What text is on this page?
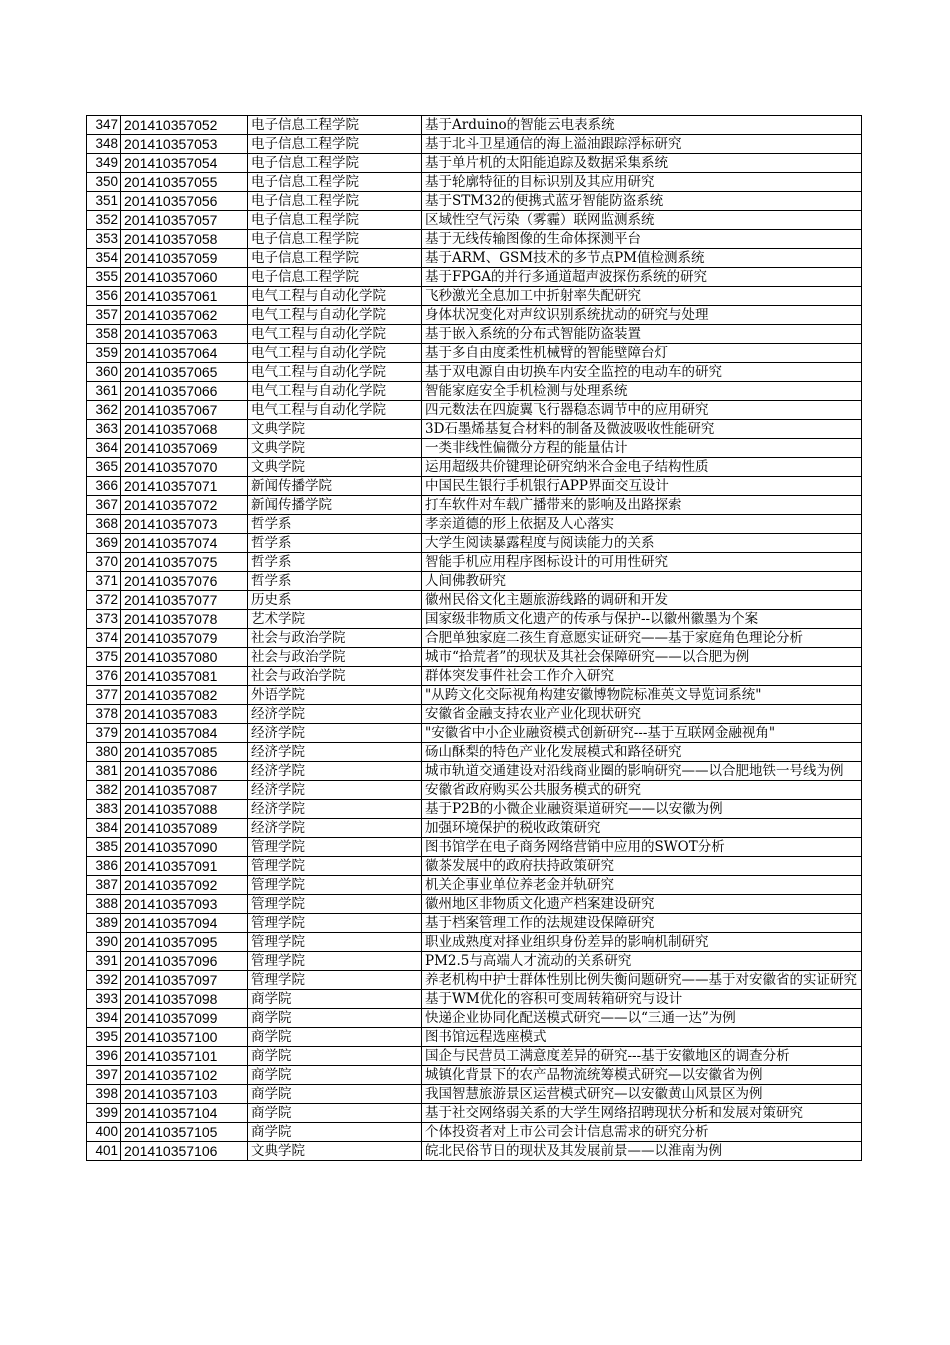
347	201410357052	电子信息工程学院	基于Arduino的智能云电表系统
348	201410357053	电子信息工程学院	基于北斗卫星通信的海上溢油跟踪浮标研究
349	201410357054	电子信息工程学院	基于单片机的太阳能追踪及数据采集系统
350	201410357055	电子信息工程学院	基于轮廓特征的目标识别及其应用研究
351	201410357056	电子信息工程学院	基于STM32的便携式蓝牙智能防盗系统
352	201410357057	电子信息工程学院	区域性空气污染（雾霾）联网监测系统
353	201410357058	电子信息工程学院	基于无线传输图像的生命体探测平台
354	201410357059	电子信息工程学院	基于ARM、GSM技术的多节点PM值检测系统
355	201410357060	电子信息工程学院	基于FPGA的并行多通道超声波探伤系统的研究
356	201410357061	电气工程与自动化学院	飞秒激光全息加工中折射率失配研究
357	201410357062	电气工程与自动化学院	身体状况变化对声纹识别系统扰动的研究与处理
358	201410357063	电气工程与自动化学院	基于嵌入系统的分布式智能防盗装置
359	201410357064	电气工程与自动化学院	基于多自由度柔性机械臂的智能壁障台灯
360	201410357065	电气工程与自动化学院	基于双电源自由切换车内安全监控的电动车的研究
361	201410357066	电气工程与自动化学院	智能家庭安全手机检测与处理系统
362	201410357067	电气工程与自动化学院	四元数法在四旋翼飞行器稳态调节中的应用研究
363	201410357068	文典学院	3D石墨烯基复合材料的制备及微波吸收性能研究
364	201410357069	文典学院	一类非线性偏微分方程的能量估计
365	201410357070	文典学院	运用超级共价键理论研究纳米合金电子结构性质
366	201410357071	新闻传播学院	中国民生银行手机银行APP界面交互设计
367	201410357072	新闻传播学院	打车软件对车载广播带来的影响及出路探索
368	201410357073	哲学系	孝亲道德的形上依据及人心落实
369	201410357074	哲学系	大学生阅读暴露程度与阅读能力的关系
370	201410357075	哲学系	智能手机应用程序图标设计的可用性研究
371	201410357076	哲学系	人间佛教研究
372	201410357077	历史系	徽州民俗文化主题旅游线路的调研和开发
373	201410357078	艺术学院	国家级非物质文化遗产的传承与保护--以徽州徽墨为个案
374	201410357079	社会与政治学院	合肥单独家庭二孩生育意愿实证研究——基于家庭角色理论分析
375	201410357080	社会与政治学院	城市“拾荒者”的现状及其社会保障研究——以合肥为例
376	201410357081	社会与政治学院	群体突发事件社会工作介入研究
377	201410357082	外语学院	"从跨文化交际视角构建安徽博物院标准英文导览词系统"
378	201410357083	经济学院	安徽省金融支持农业产业化现状研究
379	201410357084	经济学院	"安徽省中小企业融资模式创新研究---基于互联网金融视角"
380	201410357085	经济学院	砀山酥梨的特色产业化发展模式和路径研究
381	201410357086	经济学院	城市轨道交通建设对沿线商业圈的影响研究——以合肥地铁一号线为例
382	201410357087	经济学院	安徽省政府购买公共服务模式的研究
383	201410357088	经济学院	基于P2B的小微企业融资渠道研究——以安徽为例
384	201410357089	经济学院	加强环境保护的税收政策研究
385	201410357090	管理学院	图书馆学在电子商务网络营销中应用的SWOT分析
386	201410357091	管理学院	徽茶发展中的政府扶持政策研究
387	201410357092	管理学院	机关企事业单位养老金并轨研究
388	201410357093	管理学院	徽州地区非物质文化遗产档案建设研究
389	201410357094	管理学院	基于档案管理工作的法规建设保障研究
390	201410357095	管理学院	职业成熟度对择业组织身份差异的影响机制研究
391	201410357096	管理学院	PM2.5与高端人才流动的关系研究
392	201410357097	管理学院	养老机构中护士群体性别比例失衡问题研究——基于对安徽省的实证研究
393	201410357098	商学院	基于WM优化的容积可变周转箱研究与设计
394	201410357099	商学院	快递企业协同化配送模式研究——以“三通一达”为例
395	201410357100	商学院	图书馆远程选座模式
396	201410357101	商学院	国企与民营员工满意度差异的研究---基于安徽地区的调查分析
397	201410357102	商学院	城镇化背景下的农产品物流统筹模式研究—以安徽省为例
398	201410357103	商学院	我国智慧旅游景区运营模式研究—以安徽黄山风景区为例
399	201410357104	商学院	基于社交网络弱关系的大学生网络招聘现状分析和发展对策研究
400	201410357105	商学院	个体投资者对上市公司会计信息需求的研究分析
401	201410357106	文典学院	皖北民俗节日的现状及其发展前景——以淮南为例
